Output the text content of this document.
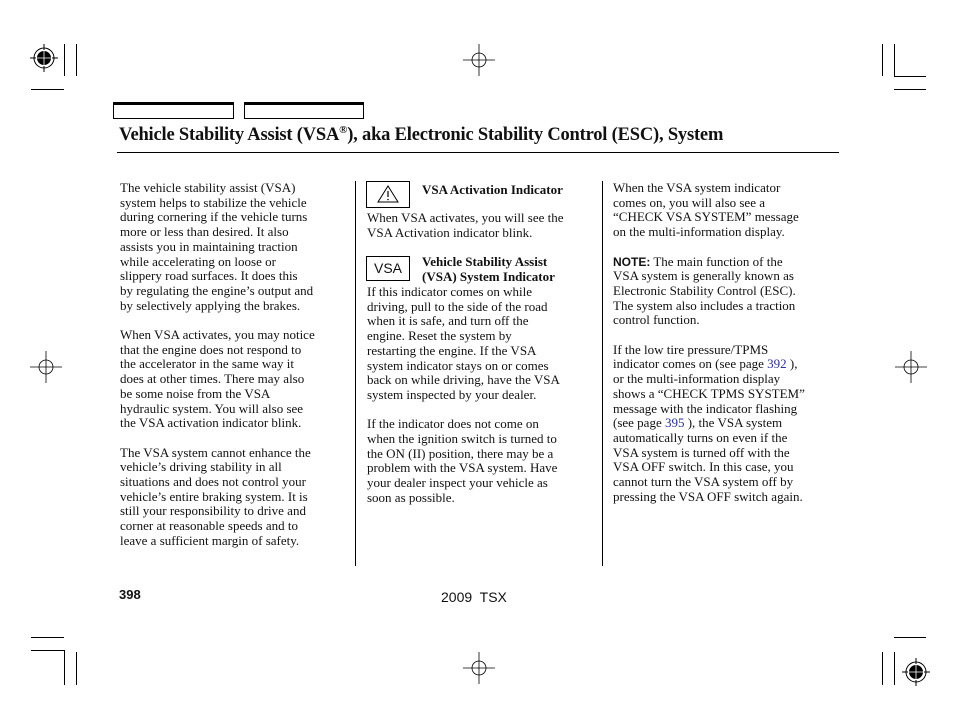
Vehicle Stability Assist (VSA®), aka Electronic Stability Control (ESC), System

The vehicle stability assist (VSA)
system helps to stabilize the vehicle
during cornering if the vehicle turns
more or less than desired. It also
assists you in maintaining traction
while accelerating on loose or
slippery road surfaces. It does this
by regulating the engine’s output and
by selectively applying the brakes.

When VSA activates, you may notice
that the engine does not respond to
the accelerator in the same way it
does at other times. There may also
be some noise from the VSA
hydraulic system. You will also see
the VSA activation indicator blink.

The VSA system cannot enhance the
vehicle’s driving stability in all
situations and does not control your
vehicle’s entire braking system. It is
still your responsibility to drive and
corner at reasonable speeds and to
leave a sufficient margin of safety.

VSA Activation Indicator
When VSA activates, you will see the
VSA Activation indicator blink.
VSA	Vehicle Stability Assist
(VSA) System Indicator

If this indicator comes on while
driving, pull to the side of the road
when it is safe, and turn off the
engine. Reset the system by
restarting the engine. If the VSA
system indicator stays on or comes
back on while driving, have the VSA
system inspected by your dealer.

If the indicator does not come on
when the ignition switch is turned to
the ON (II) position, there may be a
problem with the VSA system. Have
your dealer inspect your vehicle as
soon as possible.

When the VSA system indicator
comes on, you will also see a
“CHECK VSA SYSTEM” message
on the multi-information display.

NOTE: The main function of the
VSA system is generally known as
Electronic Stability Control (ESC).
The system also includes a traction
control function.

If the low tire pressure/TPMS
indicator comes on (see page 392 ),
or the multi-information display
shows a “CHECK TPMS SYSTEM”
message with the indicator flashing
(see page 395 ), the VSA system
automatically turns on even if the
VSA system is turned off with the
VSA OFF switch. In this case, you
cannot turn the VSA system off by
pressing the VSA OFF switch again.

398	2009  TSX
